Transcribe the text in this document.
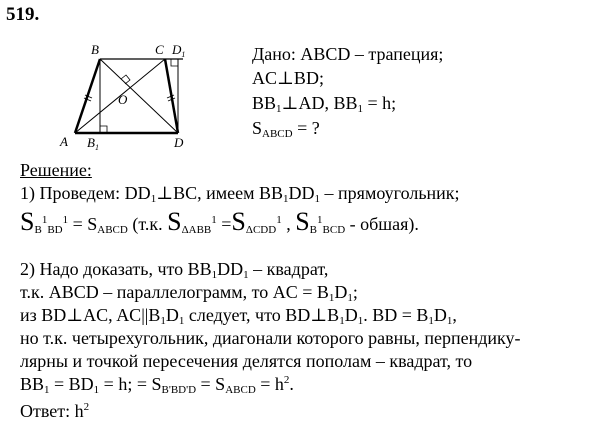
519.
B	C $D_1$
O
A $B_1$	D
Дано: ABCD – трапеция;
AC⊥BD;
$BB_1\perp AD$, $BB_1 = h$;
$S_{ABCD}$ = ?
Решение:
1) Проведем: $DD_1\perp BC$, имеем $BB_1DD_1$ – прямоугольник;
$S_B^1_{BD}^1 = S_{ABCD}$ (т.к. $S_{\Delta ABB}^1 =S_{\Delta CDD}^1$ , $S_B^1_{BCD}$ - обшая).
2) Надо доказать, что $BB_1DD_1$ – квадрат,
т.к. ABCD – параллелограмм, то AC = $B_1D_1$;
из BD⊥AC, $AC||B_1D_1$ следует, что $BD\perp B_1D_1$. BD = $B_1D_1$,
но т.к. четырехугольник, диагонали которого равны, перпендику-
лярны и точкой пересечения делятся пополам – квадрат, то
$BB_1 = BD_1 = h$; = $S_{B'BD'D} = S_{ABCD} = h^2$.
Ответ: $h^2$
